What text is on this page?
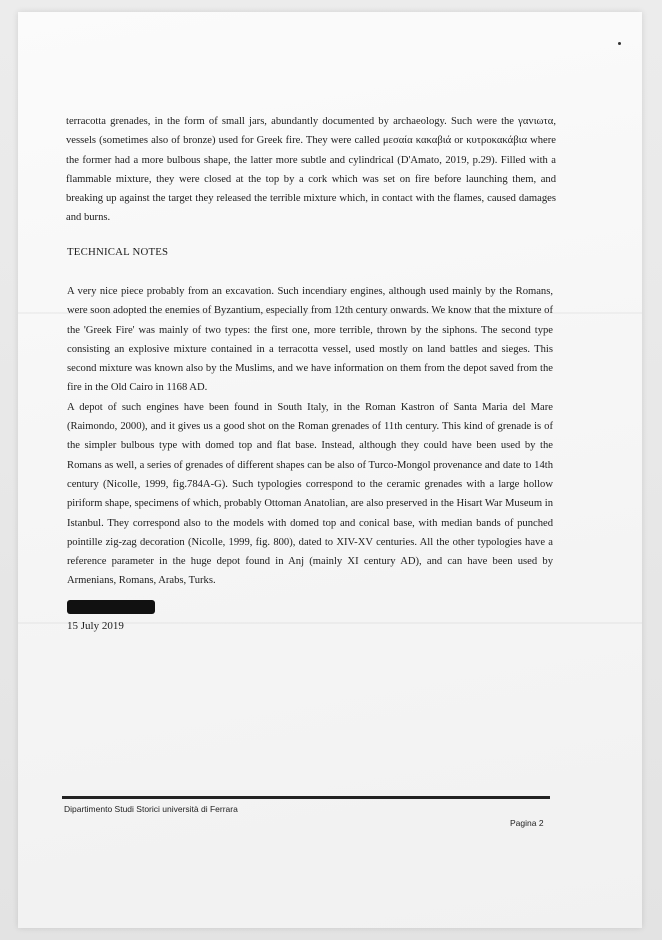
terracotta grenades, in the form of small jars, abundantly documented by archaeology. Such were the γαvιωτα, vessels (sometimes also of bronze) used for Greek fire. They were called μεσαία κακαβιά or κυτροκακάβια where the former had a more bulbous shape, the latter more subtle and cylindrical (D'Amato, 2019, p.29). Filled with a flammable mixture, they were closed at the top by a cork which was set on fire before launching them, and breaking up against the target they released the terrible mixture which, in contact with the flames, caused damages and burns.
TECHNICAL NOTES

A very nice piece probably from an excavation. Such incendiary engines, although used mainly by the Romans, were soon adopted the enemies of Byzantium, especially from 12th century onwards. We know that the mixture of the 'Greek Fire' was mainly of two types: the first one, more terrible, thrown by the siphons. The second type consisting an explosive mixture contained in a terracotta vessel, used mostly on land battles and sieges. This second mixture was known also by the Muslims, and we have information on them from the depot saved from the fire in the Old Cairo in 1168 AD.

A depot of such engines have been found in South Italy, in the Roman Kastron of Santa Maria del Mare (Raimondo, 2000), and it gives us a good shot on the Roman grenades of 11th century. This kind of grenade is of the simpler bulbous type with domed top and flat base. Instead, although they could have been used by the Romans as well, a series of grenades of different shapes can be also of Turco-Mongol provenance and date to 14th century (Nicolle, 1999, fig.784A-G). Such typologies correspond to the ceramic grenades with a large hollow piriform shape, specimens of which, probably Ottoman Anatolian, are also preserved in the Hisart War Museum in Istanbul. They correspond also to the models with domed top and conical base, with median bands of punched pointille zig-zag decoration (Nicolle, 1999, fig. 800), dated to XIV-XV centuries. All the other typologies have a reference parameter in the huge depot found in Anj (mainly XI century AD), and can have been used by Armenians, Romans, Arabs, Turks.

15 July 2019
Dipartimento Studi Storici università di Ferrara
Pagina 2
